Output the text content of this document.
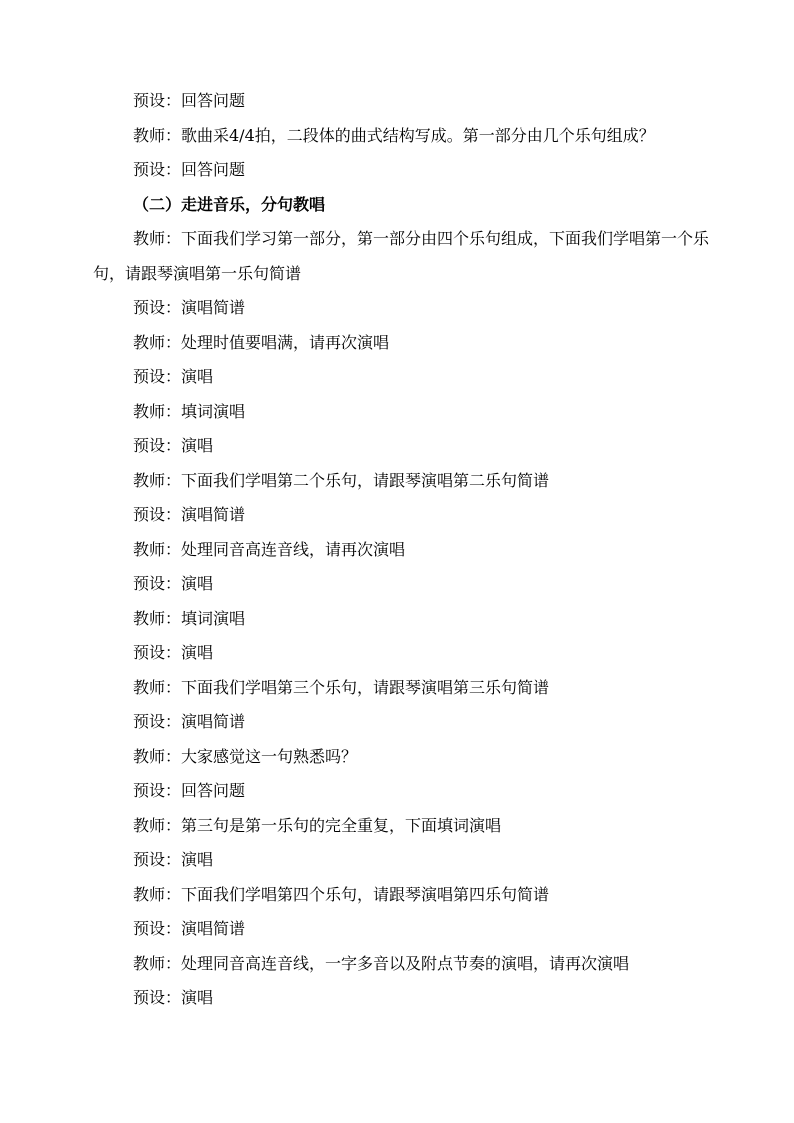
预设：回答问题

教师：歌曲采4/4拍，二段体的曲式结构写成。第一部分由几个乐句组成？

预设：回答问题

（二）走进音乐，分句教唱

教师：下面我们学习第一部分，第一部分由四个乐句组成，下面我们学唱第一个乐句，请跟琴演唱第一乐句简谱

预设：演唱简谱

教师：处理时值要唱满，请再次演唱

预设：演唱

教师：填词演唱

预设：演唱

教师：下面我们学唱第二个乐句，请跟琴演唱第二乐句简谱

预设：演唱简谱

教师：处理同音高连音线，请再次演唱

预设：演唱

教师：填词演唱

预设：演唱

教师：下面我们学唱第三个乐句，请跟琴演唱第三乐句简谱

预设：演唱简谱

教师：大家感觉这一句熟悉吗？

预设：回答问题

教师：第三句是第一乐句的完全重复，下面填词演唱

预设：演唱

教师：下面我们学唱第四个乐句，请跟琴演唱第四乐句简谱

预设：演唱简谱

教师：处理同音高连音线，一字多音以及附点节奏的演唱，请再次演唱

预设：演唱
